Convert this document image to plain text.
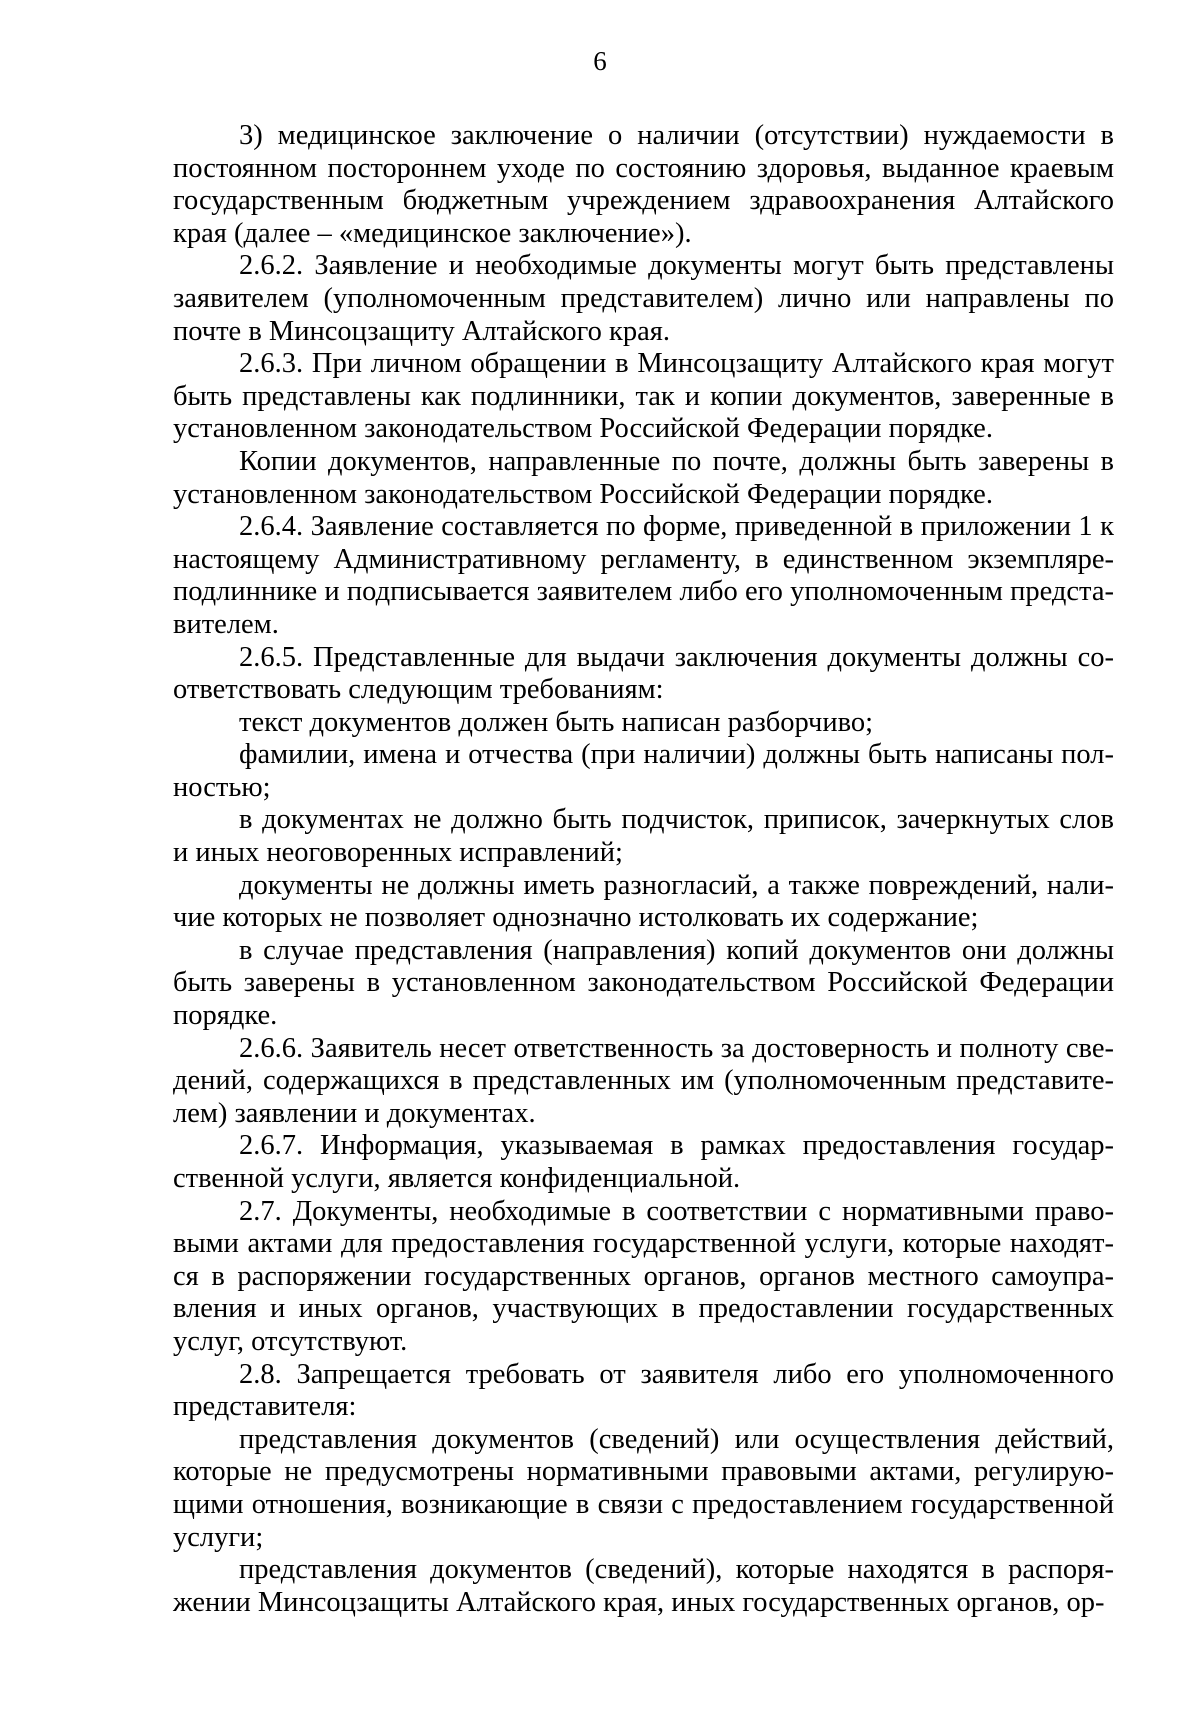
6

3) медицинское заключение о наличии (отсутствии) нуждаемости в постоянном постороннем уходе по состоянию здоровья, выданное краевым государственным бюджетным учреждением здравоохранения Алтайского края (далее – «медицинское заключение»).

2.6.2. Заявление и необходимые документы могут быть представлены заявителем (уполномоченным представителем) лично или направлены по почте в Минсоцзащиту Алтайского края.

2.6.3. При личном обращении в Минсоцзащиту Алтайского края могут быть представлены как подлинники, так и копии документов, заверенные в установленном законодательством Российской Федерации порядке.

Копии документов, направленные по почте, должны быть заверены в установленном законодательством Российской Федерации порядке.

2.6.4. Заявление составляется по форме, приведенной в приложении 1 к настоящему Административному регламенту, в единственном экземпляре-подлиннике и подписывается заявителем либо его уполномоченным представителем.

2.6.5. Представленные для выдачи заключения документы должны соответствовать следующим требованиям:

текст документов должен быть написан разборчиво;

фамилии, имена и отчества (при наличии) должны быть написаны полностью;

в документах не должно быть подчисток, приписок, зачеркнутых слов и иных неоговоренных исправлений;

документы не должны иметь разногласий, а также повреждений, наличие которых не позволяет однозначно истолковать их содержание;

в случае представления (направления) копий документов они должны быть заверены в установленном законодательством Российской Федерации порядке.

2.6.6. Заявитель несет ответственность за достоверность и полноту сведений, содержащихся в представленных им (уполномоченным представителем) заявлении и документах.

2.6.7. Информация, указываемая в рамках предоставления государственной услуги, является конфиденциальной.

2.7. Документы, необходимые в соответствии с нормативными правовыми актами для предоставления государственной услуги, которые находятся в распоряжении государственных органов, органов местного самоуправления и иных органов, участвующих в предоставлении государственных услуг, отсутствуют.

2.8. Запрещается требовать от заявителя либо его уполномоченного представителя:

представления документов (сведений) или осуществления действий, которые не предусмотрены нормативными правовыми актами, регулирующими отношения, возникающие в связи с предоставлением государственной услуги;

представления документов (сведений), которые находятся в распоряжении Минсоцзащиты Алтайского края, иных государственных органов, ор-
